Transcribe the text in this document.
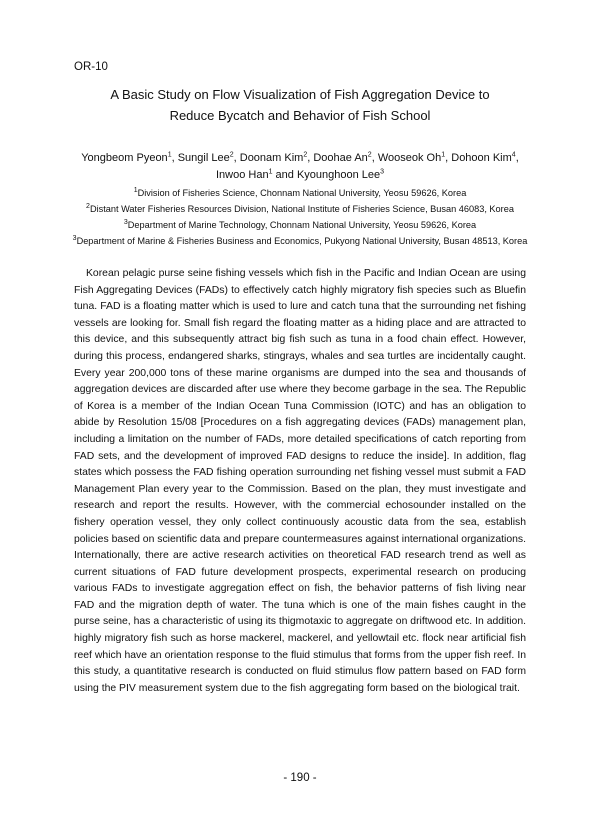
OR-10
A Basic Study on Flow Visualization of Fish Aggregation Device to
Reduce Bycatch and Behavior of Fish School
Yongbeom Pyeon$^1$, Sungil Lee$^2$, Doonam Kim$^2$, Doohae An$^2$, Wooseok Oh$^1$, Dohoon Kim$^4$, Inwoo Han$^1$ and Kyounghoon Lee$^3$
$^1$Division of Fisheries Science, Chonnam National University, Yeosu 59626, Korea
$^2$Distant Water Fisheries Resources Division, National Institute of Fisheries Science, Busan 46083, Korea
$^3$Department of Marine Technology, Chonnam National University, Yeosu 59626, Korea
$^3$Department of Marine & Fisheries Business and Economics, Pukyong National University, Busan 48513, Korea

Korean pelagic purse seine fishing vessels which fish in the Pacific and Indian Ocean are using Fish Aggregating Devices (FADs) to effectively catch highly migratory fish species such as Bluefin tuna. FAD is a floating matter which is used to lure and catch tuna that the surrounding net fishing vessels are looking for. Small fish regard the floating matter as a hiding place and are attracted to this device, and this subsequently attract big fish such as tuna in a food chain effect. However, during this process, endangered sharks, stingrays, whales and sea turtles are incidentally caught. Every year 200,000 tons of these marine organisms are dumped into the sea and thousands of aggregation devices are discarded after use where they become garbage in the sea. The Republic of Korea is a member of the Indian Ocean Tuna Commission (IOTC) and has an obligation to abide by Resolution 15/08 [Procedures on a fish aggregating devices (FADs) management plan, including a limitation on the number of FADs, more detailed specifications of catch reporting from FAD sets, and the development of improved FAD designs to reduce the inside]. In addition, flag states which possess the FAD fishing operation surrounding net fishing vessel must submit a FAD Management Plan every year to the Commission. Based on the plan, they must investigate and research and report the results. However, with the commercial echosounder installed on the fishery operation vessel, they only collect continuously acoustic data from the sea, establish policies based on scientific data and prepare countermeasures against international organizations. Internationally, there are active research activities on theoretical FAD research trend as well as current situations of FAD future development prospects, experimental research on producing various FADs to investigate aggregation effect on fish, the behavior patterns of fish living near FAD and the migration depth of water. The tuna which is one of the main fishes caught in the purse seine, has a characteristic of using its thigmotaxic to aggregate on driftwood etc. In addition. highly migratory fish such as horse mackerel, mackerel, and yellowtail etc. flock near artificial fish reef which have an orientation response to the fluid stimulus that forms from the upper fish reef. In this study, a quantitative research is conducted on fluid stimulus flow pattern based on FAD form using the PIV measurement system due to the fish aggregating form based on the biological trait.

- 190 -
